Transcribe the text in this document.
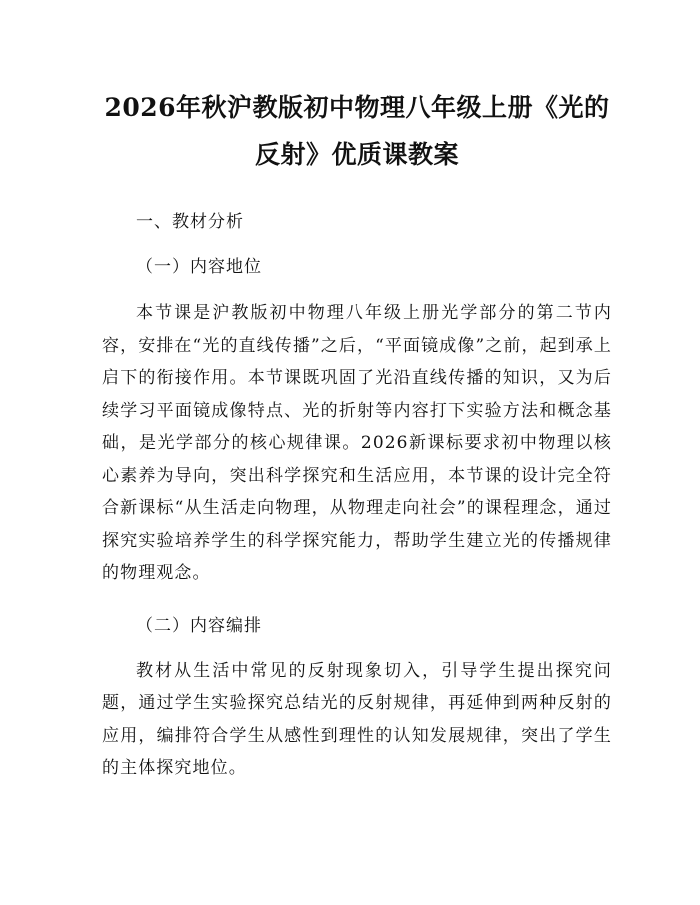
2026年秋沪教版初中物理八年级上册《光的反射》优质课教案

一、教材分析

（一）内容地位

本节课是沪教版初中物理八年级上册光学部分的第二节内容，安排在“光的直线传播”之后，“平面镜成像”之前，起到承上启下的衔接作用。本节课既巩固了光沿直线传播的知识，又为后续学习平面镜成像特点、光的折射等内容打下实验方法和概念基础，是光学部分的核心规律课。2026新课标要求初中物理以核心素养为导向，突出科学探究和生活应用，本节课的设计完全符合新课标“从生活走向物理，从物理走向社会”的课程理念，通过探究实验培养学生的科学探究能力，帮助学生建立光的传播规律的物理观念。

（二）内容编排

教材从生活中常见的反射现象切入，引导学生提出探究问题，通过学生实验探究总结光的反射规律，再延伸到两种反射的应用，编排符合学生从感性到理性的认知发展规律，突出了学生的主体探究地位。
